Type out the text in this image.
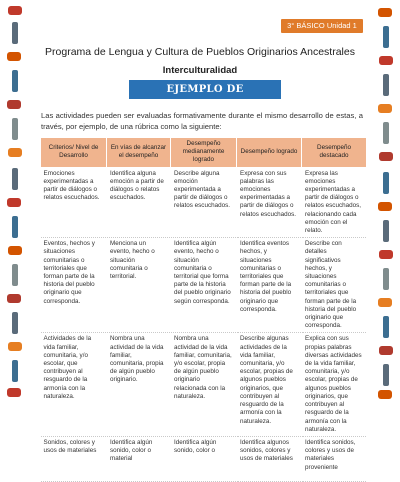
3° BÁSICO Unidad 1
Programa de Lengua y Cultura de Pueblos Originarios Ancestrales
Interculturalidad
EJEMPLO DE EVALUACIÓN
Las actividades pueden ser evaluadas formativamente durante el mismo desarrollo de estas, a través, por ejemplo, de una rúbrica como la siguiente:
Criterios/ Nivel de Desarrollo	En vías de alcanzar el desempeño	Desempeño medianamente logrado	Desempeño logrado	Desempeño destacado
Emociones experimentadas a partir de diálogos o relatos escuchados.	Identifica alguna emoción a partir de diálogos o relatos escuchados.	Describe alguna emoción experimentada a partir de diálogos o relatos escuchados.	Expresa con sus palabras las emociones experimentadas a partir de diálogos o relatos escuchados.	Expresa las emociones experimentadas a partir de diálogos o relatos escuchados, relacionando cada emoción con el relato.
Eventos, hechos y situaciones comunitarias o territoriales que forman parte de la historia del pueblo originario que corresponda.	Menciona un evento, hecho o situación comunitaria o territorial.	Identifica algún evento, hecho o situación comunitaria o territorial que forma parte de la historia del pueblo originario según corresponda.	Identifica eventos hechos, y situaciones comunitarias o territoriales que forman parte de la historia del pueblo originario que corresponda.	Describe con detalles significativos hechos, y situaciones comunitarias o territoriales que forman parte de la historia del pueblo originario que corresponda.
Actividades de la vida familiar, comunitaria, y/o escolar, que contribuyen al resguardo de la armonía con la naturaleza.	Nombra una actividad de la vida familiar, comunitaria, propia de algún pueblo originario.	Nombra una actividad de la vida familiar, comunitaria, y/o escolar, propia de algún pueblo originario relacionada con la naturaleza.	Describe algunas actividades de la vida familiar, comunitaria, y/o escolar, propias de algunos pueblos originarios, que contribuyen al resguardo de la armonía con la naturaleza.	Explica con sus propias palabras diversas actividades de la vida familiar, comunitaria, y/o escolar, propias de algunos pueblos originarios, que contribuyen al resguardo de la armonía con la naturaleza.
Sonidos, colores y usos de materiales	Identifica algún sonido, color o material	Identifica algún sonido, color o	Identifica algunos sonidos, colores y usos de materiales	Identifica sonidos, colores y usos de materiales proveniente
